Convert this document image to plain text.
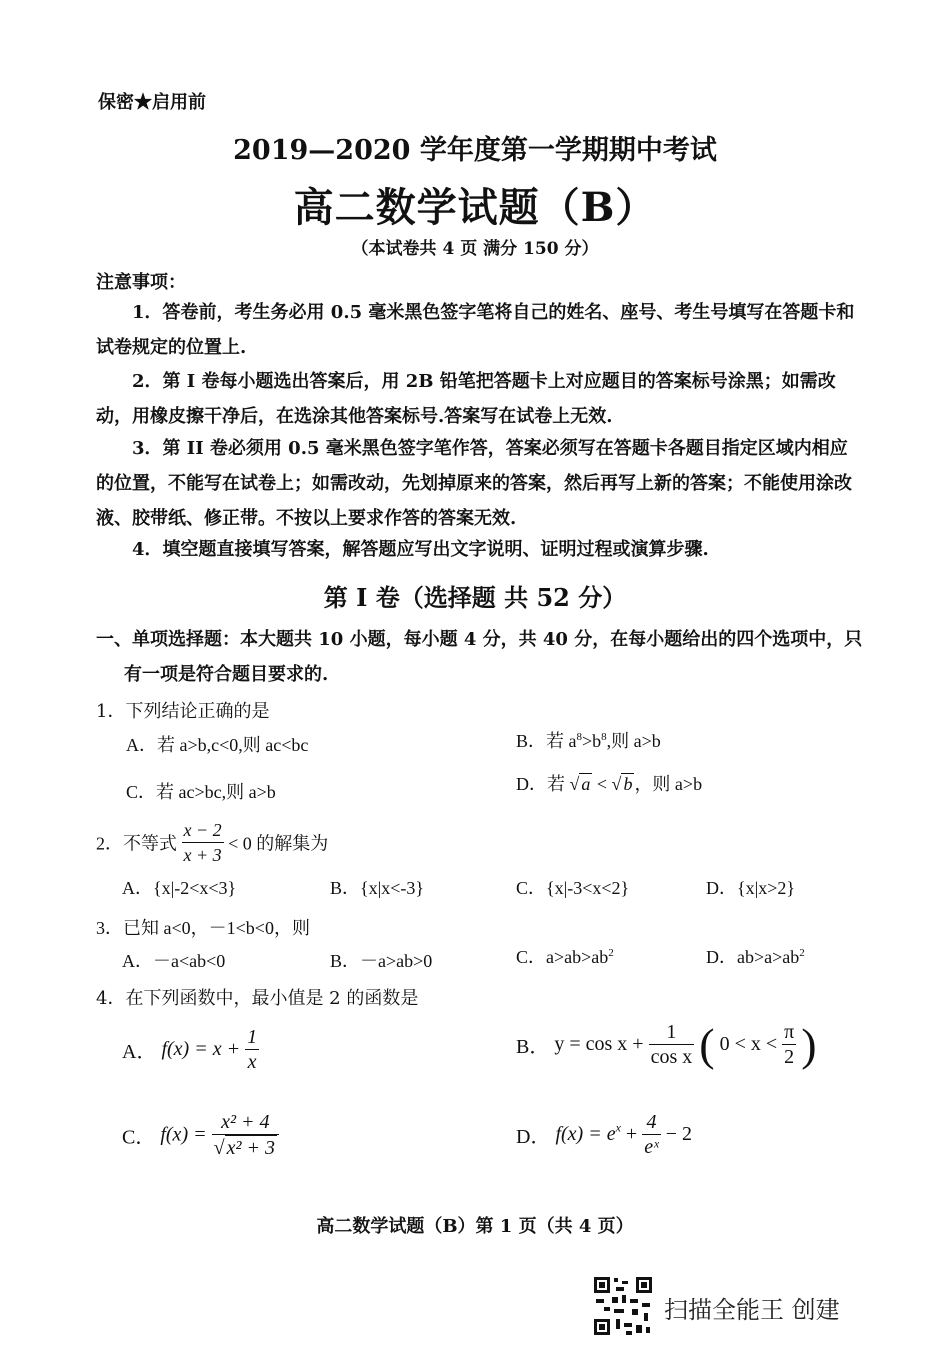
保密★启用前
2019—2020 学年度第一学期期中考试
高二数学试题（B）
（本试卷共 4 页 满分 150 分）
注意事项：
1．答卷前，考生务必用 0.5 毫米黑色签字笔将自己的姓名、座号、考生号填写在答题卡和试卷规定的位置上.
2．第 I 卷每小题选出答案后，用 2B 铅笔把答题卡上对应题目的答案标号涂黑；如需改动，用橡皮擦干净后，在选涂其他答案标号.答案写在试卷上无效.
3．第 II 卷必须用 0.5 毫米黑色签字笔作答，答案必须写在答题卡各题目指定区域内相应的位置，不能写在试卷上；如需改动，先划掉原来的答案，然后再写上新的答案；不能使用涂改液、胶带纸、修正带。不按以上要求作答的答案无效.
4．填空题直接填写答案，解答题应写出文字说明、证明过程或演算步骤.
第 I 卷（选择题 共 52 分）
一、单项选择题：本大题共 10 小题，每小题 4 分，共 40 分，在每小题给出的四个选项中，只
有一项是符合题目要求的.
1．下列结论正确的是
A．若 a>b,c<0,则 ac<bc	B．若 $a^8>b^8$,则 a>b
C．若 ac>bc,则 a>b	D．若 √ a < √ b ，则 a>b
2．不等式 $\frac{x - 2}{x + 3} < 0$ 的解集为
A．{x|-2<x<3}	B．{x|x<-3}	C．{x|-3<x<2}	D．{x|x>2}
3．已知 a<0，－1<b<0，则
A．－a<ab<0	B．－a>ab>0	C．$a>ab>ab^2$	D．$ab>a>ab^2$
4．在下列函数中，最小值是 2 的函数是
A． $f(x) = x + \frac{1}{x}$	B． $y = \cos x + \frac{1}{\text{cos x}}$ ( $0 < x < \frac{\pi}{2}$ )
C． $f(x) = \frac{\text{x² + 4}}{\text{√ x² + 3}}$	D． $f(x) = e^x + \frac{4}{\text{eˣ}} - 2$
高二数学试题（B）第 1 页（共 4 页）
扫描全能王 创建
